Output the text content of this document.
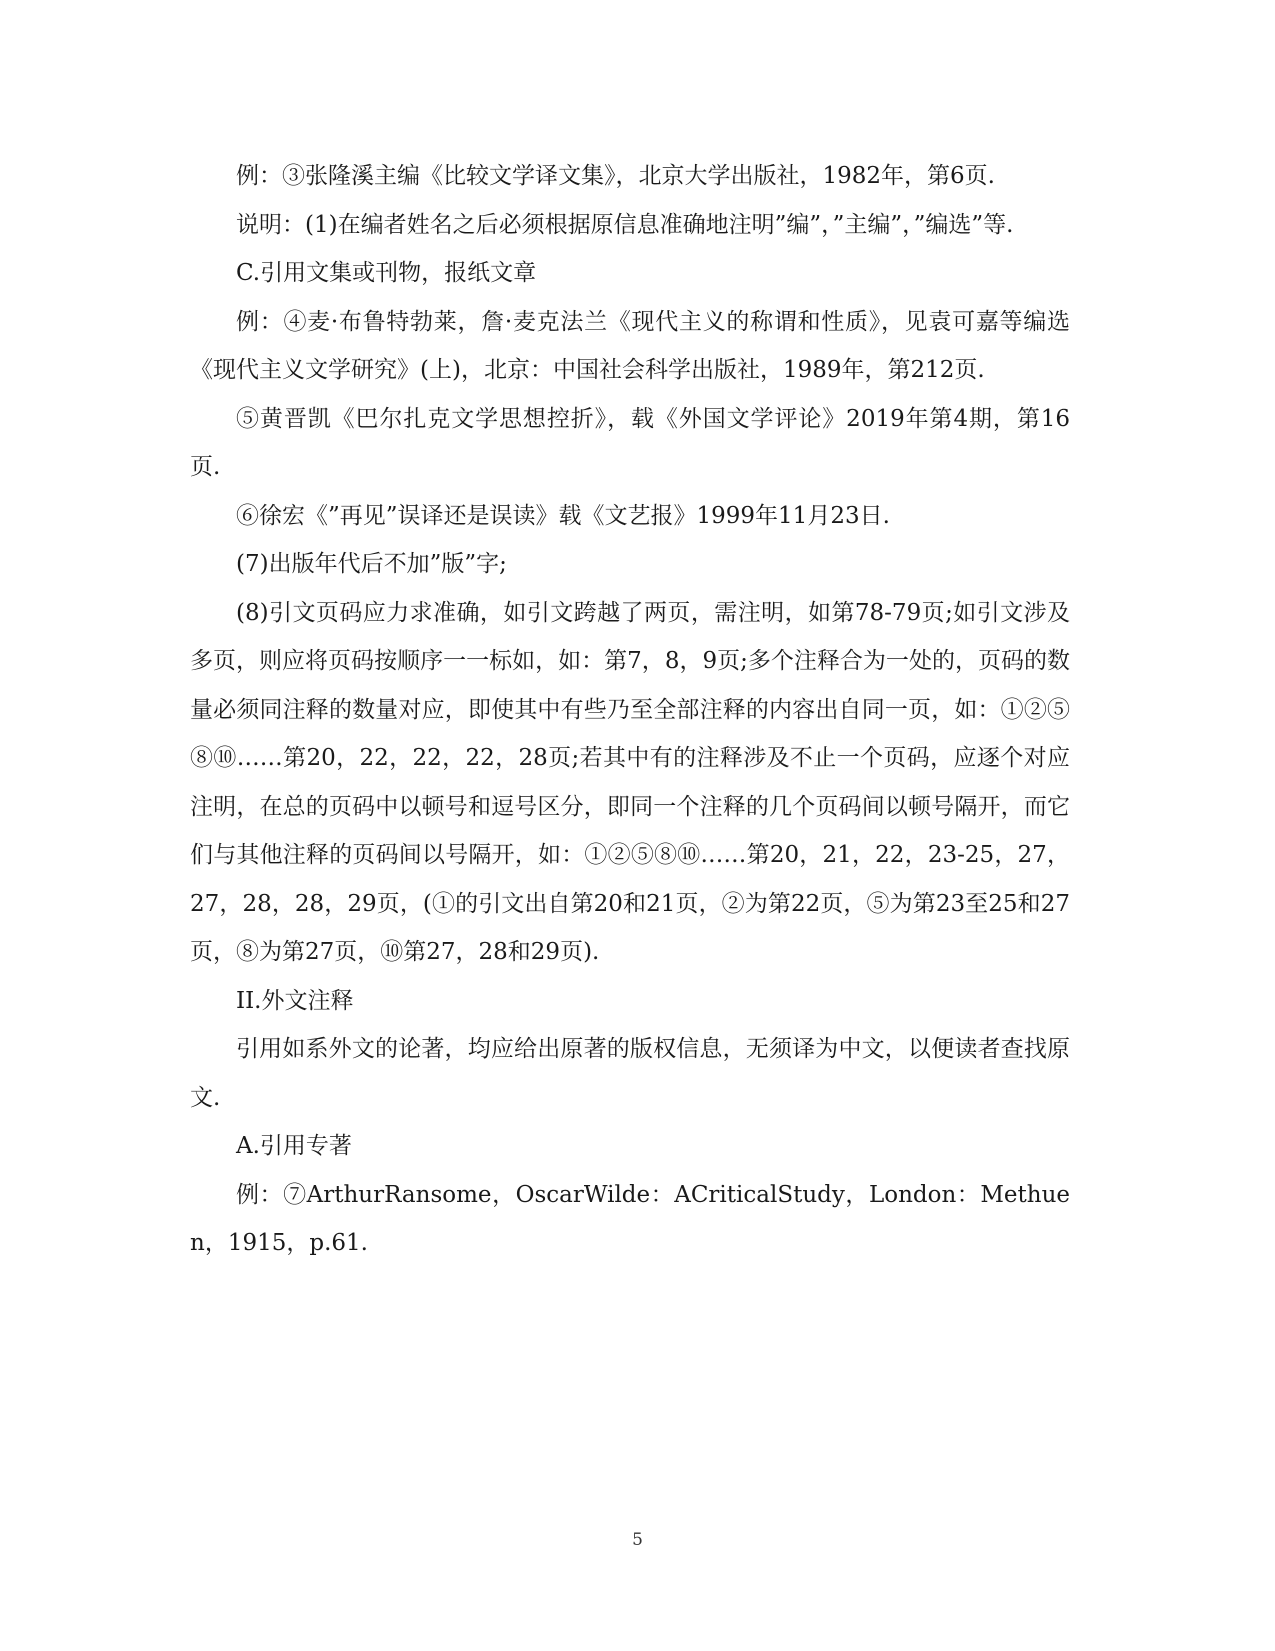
例：③张隆溪主编《比较文学译文集》，北京大学出版社，1982年，第6页.

说明：(1)在编者姓名之后必须根据原信息准确地注明”编”，”主编”，”编选”等.

C.引用文集或刊物，报纸文章

例：④麦·布鲁特勃莱，詹·麦克法兰《现代主义的称谓和性质》，见袁可嘉等编选《现代主义文学研究》(上)，北京：中国社会科学出版社，1989年，第212页.

⑤黄晋凯《巴尔扎克文学思想控折》，载《外国文学评论》2019年第4期，第16页.

⑥徐宏《”再见”误译还是误读》载《文艺报》1999年11月23日.

(7)出版年代后不加”版”字;

(8)引文页码应力求准确，如引文跨越了两页，需注明，如第78-79页;如引文涉及多页，则应将页码按顺序一一标如，如：第7，8，9页;多个注释合为一处的，页码的数量必须同注释的数量对应，即使其中有些乃至全部注释的内容出自同一页，如：①②⑤⑧⑩……第20，22，22，22，28页;若其中有的注释涉及不止一个页码，应逐个对应注明，在总的页码中以顿号和逗号区分，即同一个注释的几个页码间以顿号隔开，而它们与其他注释的页码间以号隔开，如：①②⑤⑧⑩……第20，21，22，23-25，27，27，28，28，29页，(①的引文出自第20和21页，②为第22页，⑤为第23至25和27页，⑧为第27页，⑩第27，28和29页).

II.外文注释

引用如系外文的论著，均应给出原著的版权信息，无须译为中文，以便读者查找原文.

A.引用专著

例：⑦ArthurRansome，OscarWilde：ACriticalStudy，London：Methuen，1915，p.61.

5
